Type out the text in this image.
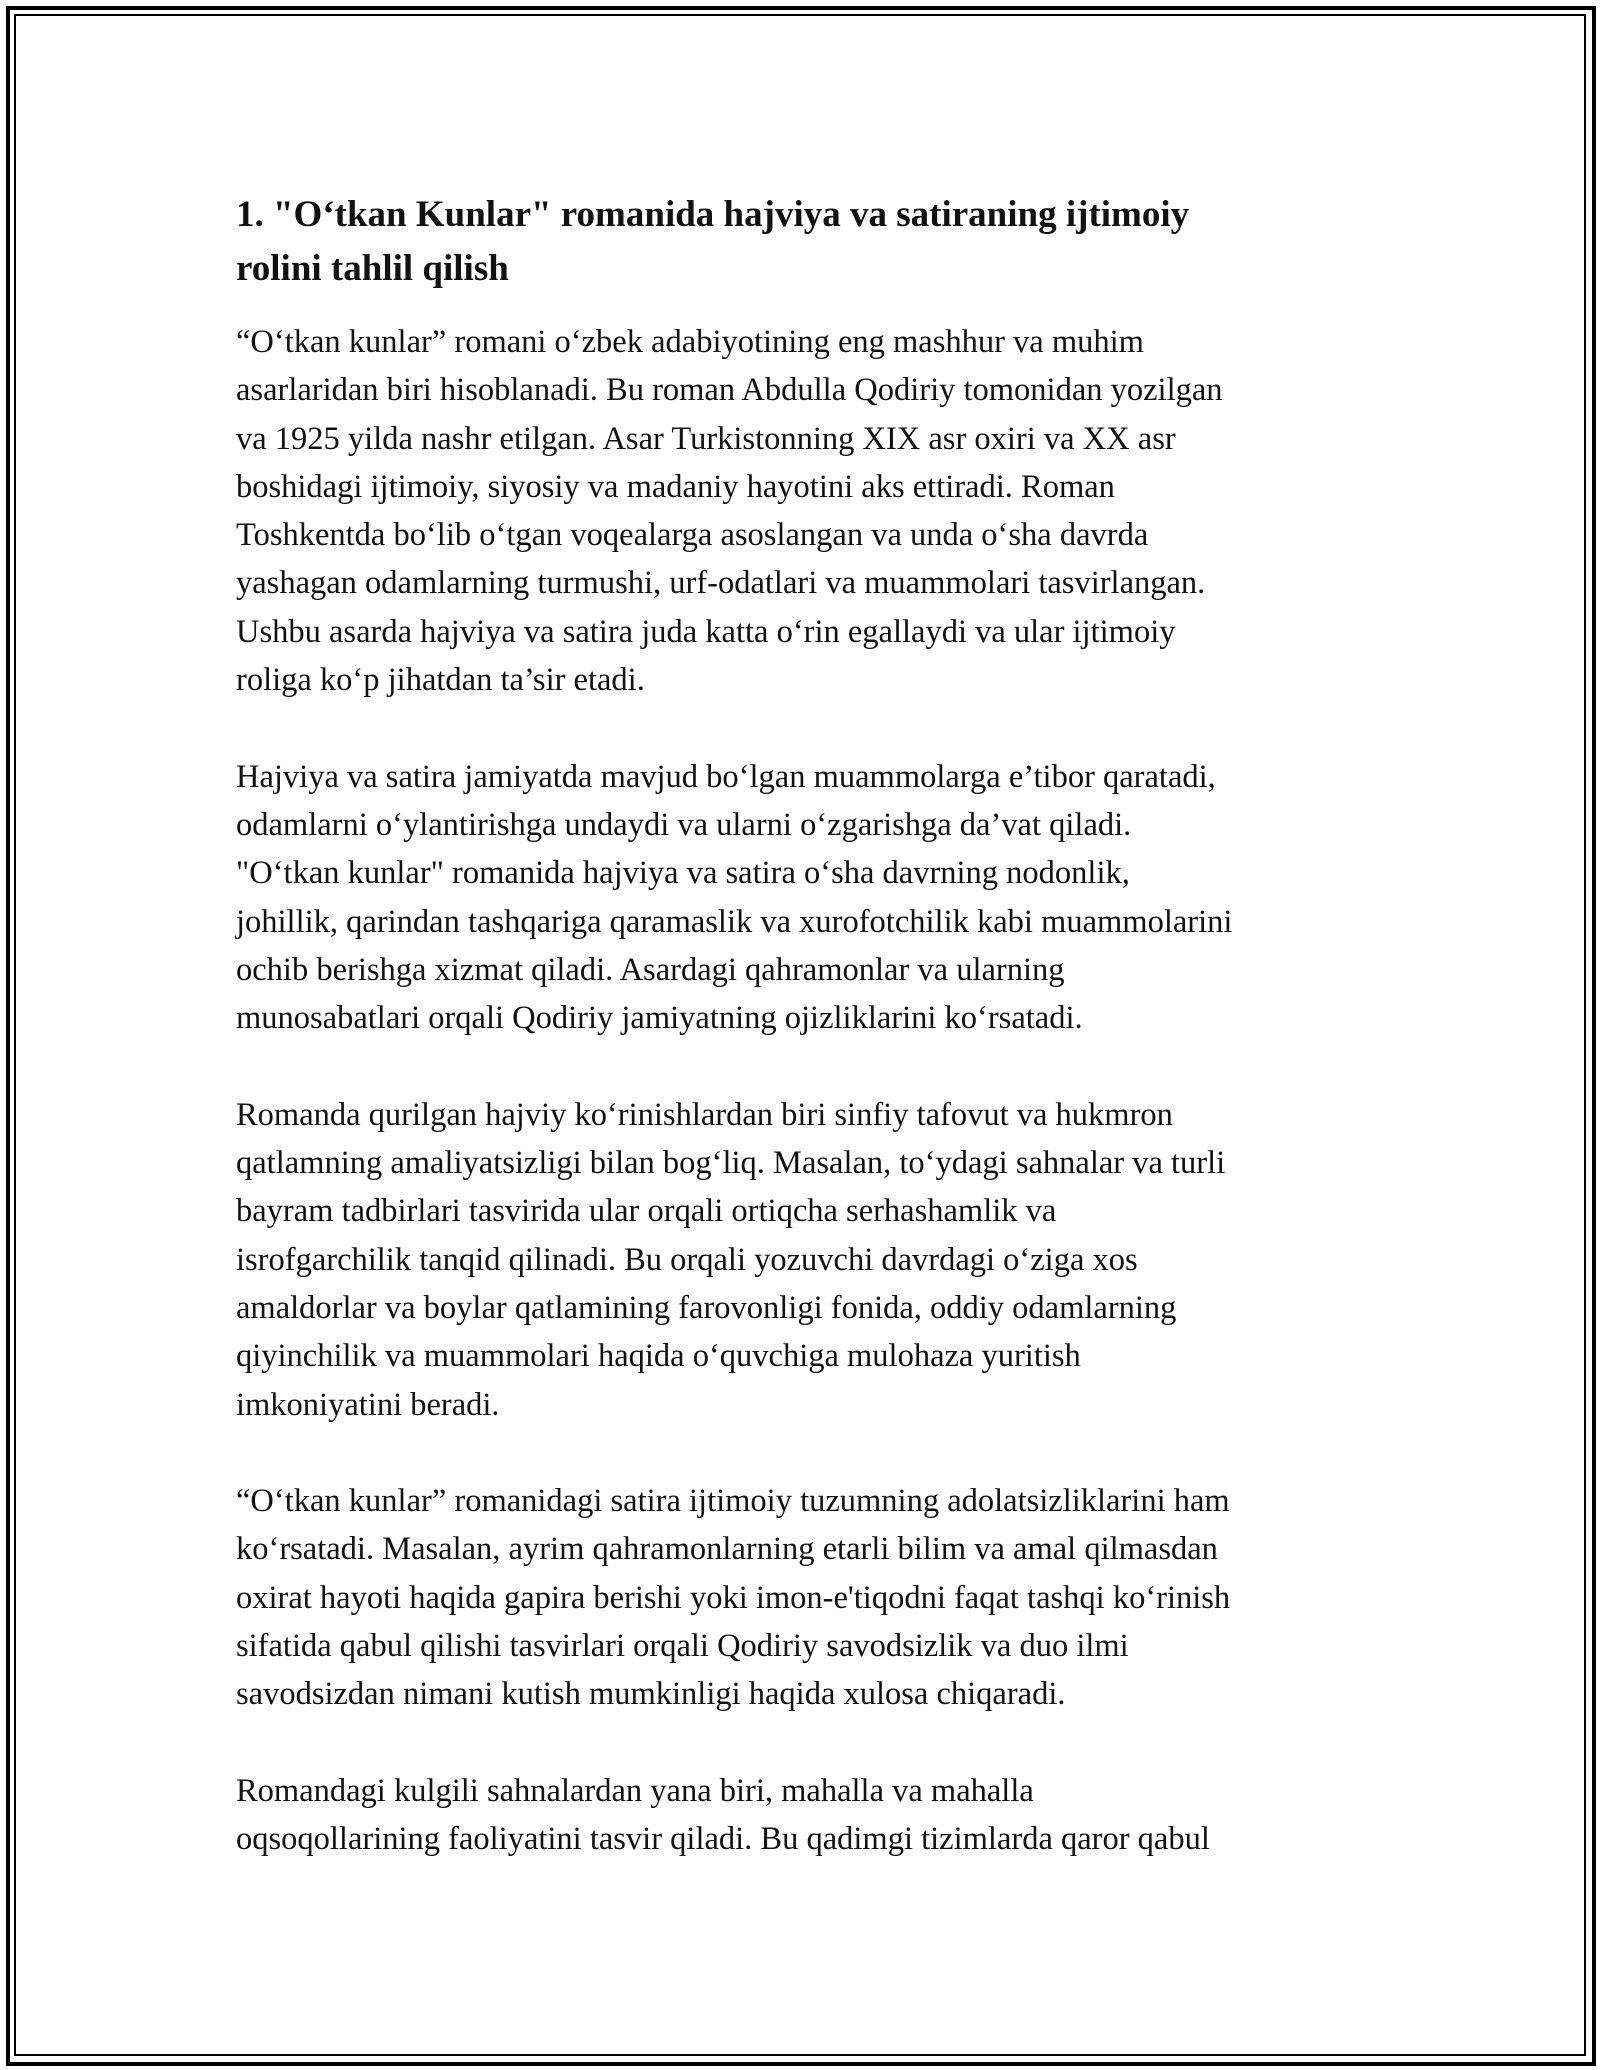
1. "O‘tkan Kunlar" romanida hajviya va satiraning ijtimoiy
rolini tahlil qilish

“O‘tkan kunlar” romani o‘zbek adabiyotining eng mashhur va muhim
asarlaridan biri hisoblanadi. Bu roman Abdulla Qodiriy tomonidan yozilgan
va 1925 yilda nashr etilgan. Asar Turkistonning XIX asr oxiri va XX asr
boshidagi ijtimoiy, siyosiy va madaniy hayotini aks ettiradi. Roman
Toshkentda bo‘lib o‘tgan voqealarga asoslangan va unda o‘sha davrda
yashagan odamlarning turmushi, urf-odatlari va muammolari tasvirlangan.
Ushbu asarda hajviya va satira juda katta o‘rin egallaydi va ular ijtimoiy
roliga ko‘p jihatdan ta’sir etadi.

Hajviya va satira jamiyatda mavjud bo‘lgan muammolarga e’tibor qaratadi,
odamlarni o‘ylantirishga undaydi va ularni o‘zgarishga da’vat qiladi.
"O‘tkan kunlar" romanida hajviya va satira o‘sha davrning nodonlik,
johillik, qarindan tashqariga qaramaslik va xurofotchilik kabi muammolarini
ochib berishga xizmat qiladi. Asardagi qahramonlar va ularning
munosabatlari orqali Qodiriy jamiyatning ojizliklarini ko‘rsatadi.

Romanda qurilgan hajviy ko‘rinishlardan biri sinfiy tafovut va hukmron
qatlamning amaliyatsizligi bilan bog‘liq. Masalan, to‘ydagi sahnalar va turli
bayram tadbirlari tasvirida ular orqali ortiqcha serhashamlik va
isrofgarchilik tanqid qilinadi. Bu orqali yozuvchi davrdagi o‘ziga xos
amaldorlar va boylar qatlamining farovonligi fonida, oddiy odamlarning
qiyinchilik va muammolari haqida o‘quvchiga mulohaza yuritish
imkoniyatini beradi.

“O‘tkan kunlar” romanidagi satira ijtimoiy tuzumning adolatsizliklarini ham
ko‘rsatadi. Masalan, ayrim qahramonlarning etarli bilim va amal qilmasdan
oxirat hayoti haqida gapira berishi yoki imon-e'tiqodni faqat tashqi ko‘rinish
sifatida qabul qilishi tasvirlari orqali Qodiriy savodsizlik va duo ilmi
savodsizdan nimani kutish mumkinligi haqida xulosa chiqaradi.

Romandagi kulgili sahnalardan yana biri, mahalla va mahalla
oqsoqollarining faoliyatini tasvir qiladi. Bu qadimgi tizimlarda qaror qabul
